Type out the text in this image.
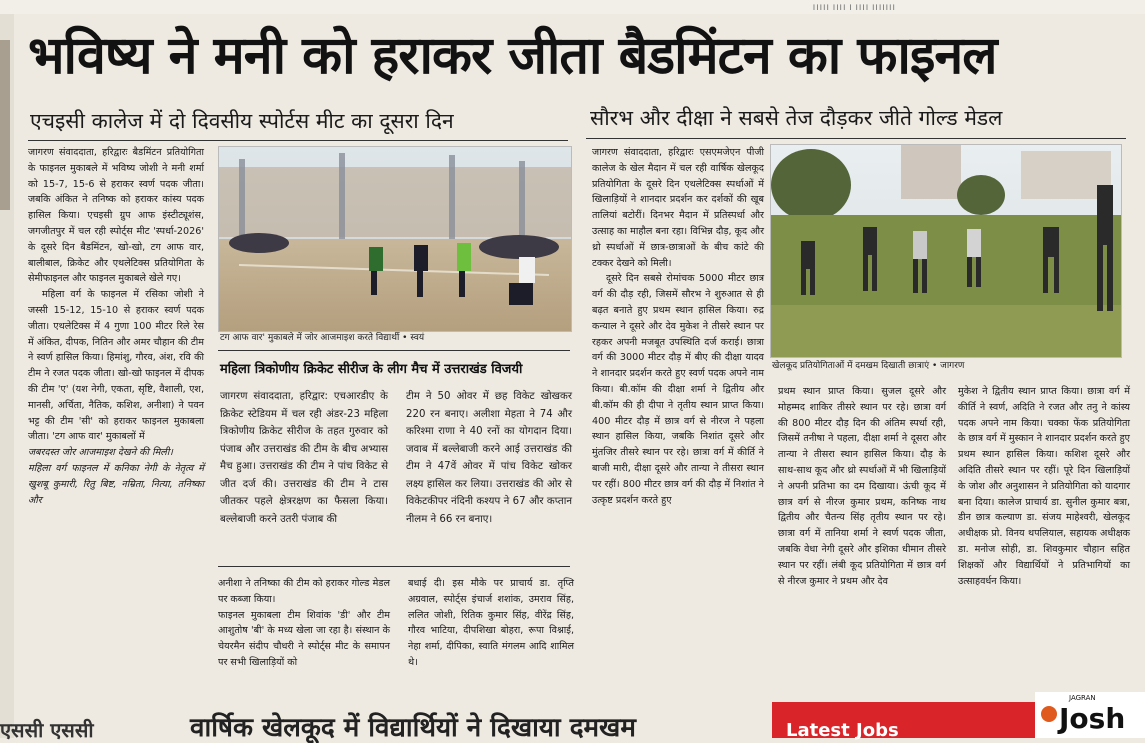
।।।।। ।।।। । ।।।। ।।।।।।।
भविष्य ने मनी को हराकर जीता बैडमिंटन का फाइनल
एचइसी कालेज में दो दिवसीय स्पोर्टस मीट का दूसरा दिन

जागरण संवाददाता, हरिद्वारः बैडमिंटन प्रतियोगिता के फाइनल मुकाबले में भविष्य जोशी ने मनी शर्मा को 15-7, 15-6 से हराकर स्वर्ण पदक जीता। जबकि अंकित ने तनिष्क को हराकर कांस्य पदक हासिल किया। एचइसी ग्रुप आफ इंस्टीट्यूशंस, जगजीतपुर में चल रही स्पोर्ट्स मीट 'स्पर्धा-2026' के दूसरे दिन बैडमिंटन, खो-खो, टग आफ वार, बालीबाल, क्रिकेट और एथलेटिक्स प्रतियोगिता के सेमीफाइनल और फाइनल मुकाबले खेले गए।

महिला वर्ग के फाइनल में रसिका जोशी ने जस्सी 15-12, 15-10 से हराकर स्वर्ण पदक जीता। एथलेटिक्स में 4 गुणा 100 मीटर रिले रेस में अंकित, दीपक, नितिन और अमर चौहान की टीम ने स्वर्ण हासिल किया। हिमांशु, गौरव, अंश, रवि की टीम ने रजत पदक जीता। खो-खो फाइनल में दीपक की टीम 'ए' (यश नेगी, एकता, सृष्टि, वैशाली, एश, मानसी, अर्चिता, नैतिक, कशिश, अनीशा) ने पवन भट्ट की टीम 'सी' को हराकर फाइनल मुकाबला जीता। 'टग आफ वार' मुकाबलों में

जबरदस्त जोर आजमाइश देखने की मिली।

महिला वर्ग फाइनल में कनिका नेगी के नेतृत्व में खुशबू कुमारी, रितु बिष्ट, नम्रिता, नित्या, तनिष्का और

टग आफ वार' मुकाबले में जोर आजमाइश करते विद्यार्थी • स्वयं
महिला त्रिकोणीय क्रिकेट सीरीज के लीग मैच में उत्तराखंड विजयी
जागरण संवाददाता, हरिद्वार: एचआरडीए के क्रिकेट स्टेडियम में चल रही अंडर-23 महिला त्रिकोणीय क्रिकेट सीरीज के तहत गुरुवार को पंजाब और उत्तराखंड की टीम के बीच अभ्यास मैच हुआ। उत्तराखंड की टीम ने पांच विकेट से जीत दर्ज की। उत्तराखंड की टीम ने टास जीतकर पहले क्षेत्ररक्षण का फैसला किया। बल्लेबाजी करने उतरी पंजाब की
टीम ने 50 ओवर में छह विकेट खोखकर 220 रन बनाए। अलीशा मेहता ने 74 और करिश्मा राणा ने 40 रनों का योगदान दिया। जवाब में बल्लेबाजी करने आई उत्तराखंड की टीम ने 47वें ओवर में पांच विकेट खोकर लक्ष्य हासिल कर लिया। उत्तराखंड की ओर से विकेटकीपर नंदिनी कश्यप ने 67 और कप्तान नीलम ने 66 रन बनाए।

अनीशा ने तनिष्का की टीम को हराकर गोल्ड मेडल पर कब्जा किया।

फाइनल मुकाबला टीम शिवांक 'डी' और टीम आशुतोष 'बी' के मध्य खेला जा रहा है। संस्थान के चेयरमैन संदीप चौधरी ने स्पोर्ट्स मीट के समापन पर सभी खिलाड़ियों को

बधाई दी। इस मौके पर प्राचार्य डा. तृप्ति अग्रवाल, स्पोर्ट्स इंचार्ज शशांक, उमराव सिंह, ललित जोशी, रितिक कुमार सिंह, वीरेंद्र सिंह, गौरव भाटिया, दीपशिखा बोहरा, रूपा विश्नाई, नेहा शर्मा, दीपिका, स्वाति मंगलम आदि शामिल थे।
सौरभ और दीक्षा ने सबसे तेज दौड़कर जीते गोल्ड मेडल

जागरण संवाददाता, हरिद्वारः एसएमजेएन पीजी कालेज के खेल मैदान में चल रही वार्षिक खेलकूद प्रतियोगिता के दूसरे दिन एथलेटिक्स स्पर्धाओं में खिलाड़ियों ने शानदार प्रदर्शन कर दर्शकों की खूब तालियां बटोरीं। दिनभर मैदान में प्रतिस्पर्धा और उत्साह का माहौल बना रहा। विभिन्न दौड़, कूद और थ्रो स्पर्धाओं में छात्र-छात्राओं के बीच कांटे की टक्कर देखने को मिली।

दूसरे दिन सबसे रोमांचक 5000 मीटर छात्र वर्ग की दौड़ रही, जिसमें सौरभ ने शुरुआत से ही बढ़त बनाते हुए प्रथम स्थान हासिल किया। रुद्र कन्याल ने दूसरे और देव मुकेश ने तीसरे स्थान पर रहकर अपनी मजबूत उपस्थिति दर्ज कराई। छात्रा वर्ग की 3000 मीटर दौड़ में बीए की दीक्षा यादव ने शानदार प्रदर्शन करते हुए स्वर्ण पदक अपने नाम किया। बी.कॉम की दीक्षा शर्मा ने द्वितीय और बी.कॉम की ही दीपा ने तृतीय स्थान प्राप्त किया। 400 मीटर दौड़ में छात्र वर्ग से नीरज ने पहला स्थान हासिल किया, जबकि निशांत दूसरे और मुंतजिर तीसरे स्थान पर रहे। छात्रा वर्ग में कीर्ति ने बाजी मारी, दीक्षा दूसरे और तान्या ने तीसरा स्थान पर रहीं। 800 मीटर छात्र वर्ग की दौड़ में निशांत ने उत्कृष्ट प्रदर्शन करते हुए

खेलकूद प्रतियोगिताओं में दमखम दिखाती छात्राएं • जागरण
प्रथम स्थान प्राप्त किया। सुजल दूसरे और मोहम्मद शाकिर तीसरे स्थान पर रहे। छात्रा वर्ग की 800 मीटर दौड़ दिन की अंतिम स्पर्धा रही, जिसमें तनीषा ने पहला, दीक्षा शर्मा ने दूसरा और तान्या ने तीसरा स्थान हासिल किया। दौड़ के साथ-साथ कूद और थ्रो स्पर्धाओं में भी खिलाड़ियों ने अपनी प्रतिभा का दम दिखाया। ऊंची कूद में छात्र वर्ग से नीरज कुमार प्रथम, कनिष्क नाथ द्वितीय और चैतन्य सिंह तृतीय स्थान पर रहे। छात्रा वर्ग में तानिया शर्मा ने स्वर्ण पदक जीता, जबकि वेधा नेगी दूसरे और इशिका धीमान तीसरे स्थान पर रहीं। लंबी कूद प्रतियोगिता में छात्र वर्ग से नीरज कुमार ने प्रथम और देव
मुकेश ने द्वितीय स्थान प्राप्त किया। छात्रा वर्ग में कीर्ति ने स्वर्ण, अदिति ने रजत और तनु ने कांस्य पदक अपने नाम किया। चक्का फेंक प्रतियोगिता के छात्र वर्ग में मुस्कान ने शानदार प्रदर्शन करते हुए प्रथम स्थान हासिल किया। कशिश दूसरे और अदिति तीसरे स्थान पर रहीं। पूरे दिन खिलाड़ियों के जोश और अनुशासन ने प्रतियोगिता को यादगार बना दिया। कालेज प्राचार्य डा. सुनील कुमार बत्रा, डीन छात्र कल्याण डा. संजय माहेश्वरी, खेलकूद अधीक्षक प्रो. विनय थपलियाल, सहायक अधीक्षक डा. मनोज सोही, डा. शिवकुमार चौहान सहित शिक्षकों और विद्यार्थियों ने प्रतिभागियों का उत्साहवर्धन किया।
एससी एससी	वार्षिक खेलकूद में विद्यार्थियों ने दिखाया दमखम	Latest Jobs
JAGRAN
Josh
